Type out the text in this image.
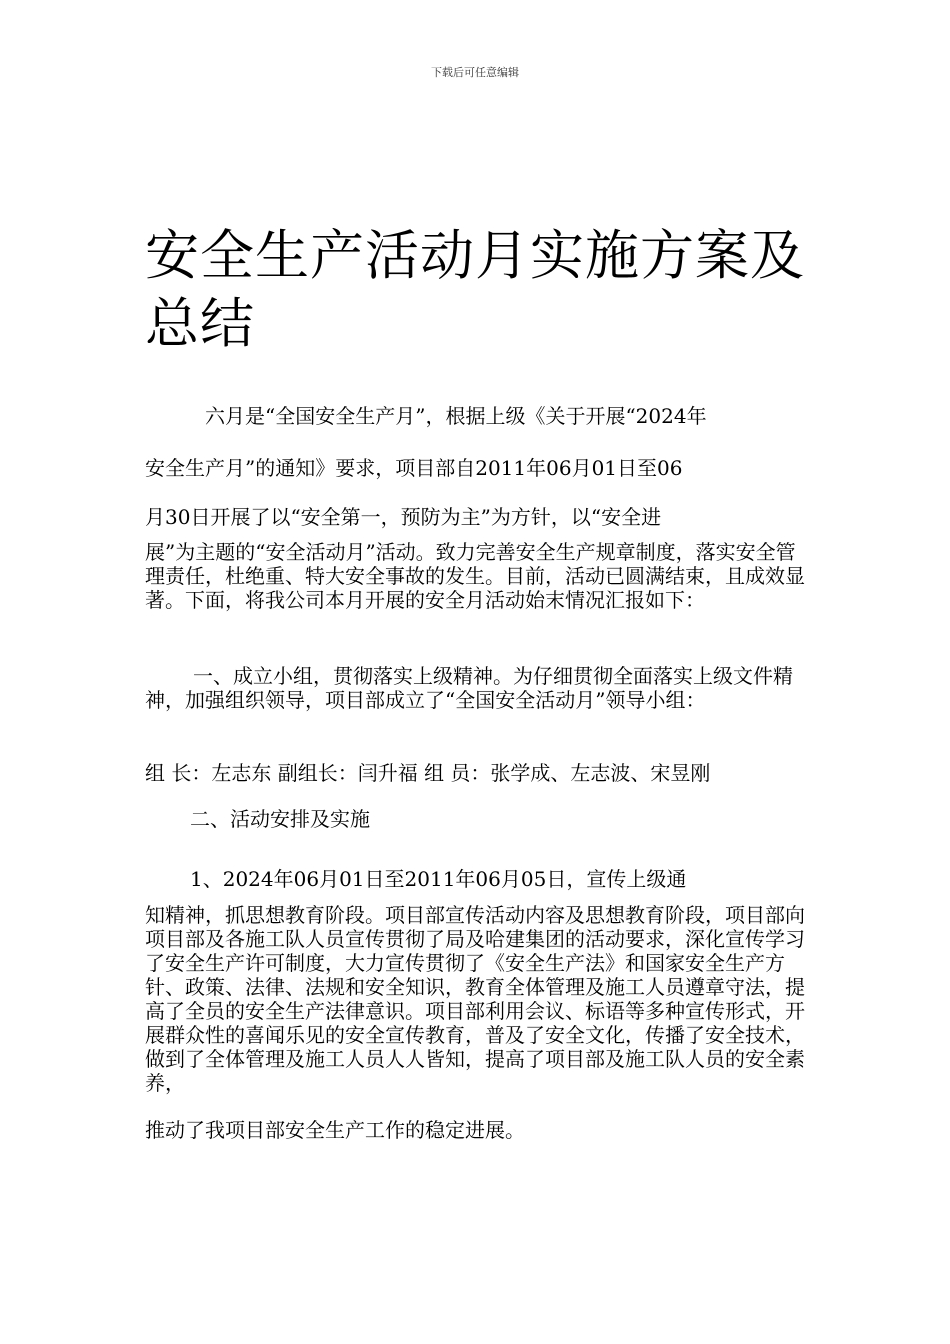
下载后可任意编辑
安全生产活动月实施方案及总结
六月是“全国安全生产月”，根据上级《关于开展“2024年
安全生产月”的通知》要求，项目部自2011年06月01日至06
月30日开展了以“安全第一，预防为主”为方针，以“安全进

展”为主题的“安全活动月”活动。致力完善安全生产规章制度，落实安全管理责任，杜绝重、特大安全事故的发生。目前，活动已圆满结束，且成效显著。下面，将我公司本月开展的安全月活动始末情况汇报如下：

一、成立小组，贯彻落实上级精神。为仔细贯彻全面落实上级文件精神，加强组织领导，项目部成立了“全国安全活动月”领导小组：

组 长：左志东 副组长：闫升福 组 员：张学成、左志波、宋昱刚
二、活动安排及实施
1、2024年06月01日至2011年06月05日，宣传上级通

知精神，抓思想教育阶段。项目部宣传活动内容及思想教育阶段，项目部向项目部及各施工队人员宣传贯彻了局及哈建集团的活动要求，深化宣传学习了安全生产许可制度，大力宣传贯彻了《安全生产法》和国家安全生产方针、政策、法律、法规和安全知识，教育全体管理及施工人员遵章守法，提高了全员的安全生产法律意识。项目部利用会议、标语等多种宣传形式，开展群众性的喜闻乐见的安全宣传教育，普及了安全文化，传播了安全技术，做到了全体管理及施工人员人人皆知，提高了项目部及施工队人员的安全素养，

推动了我项目部安全生产工作的稳定进展。
